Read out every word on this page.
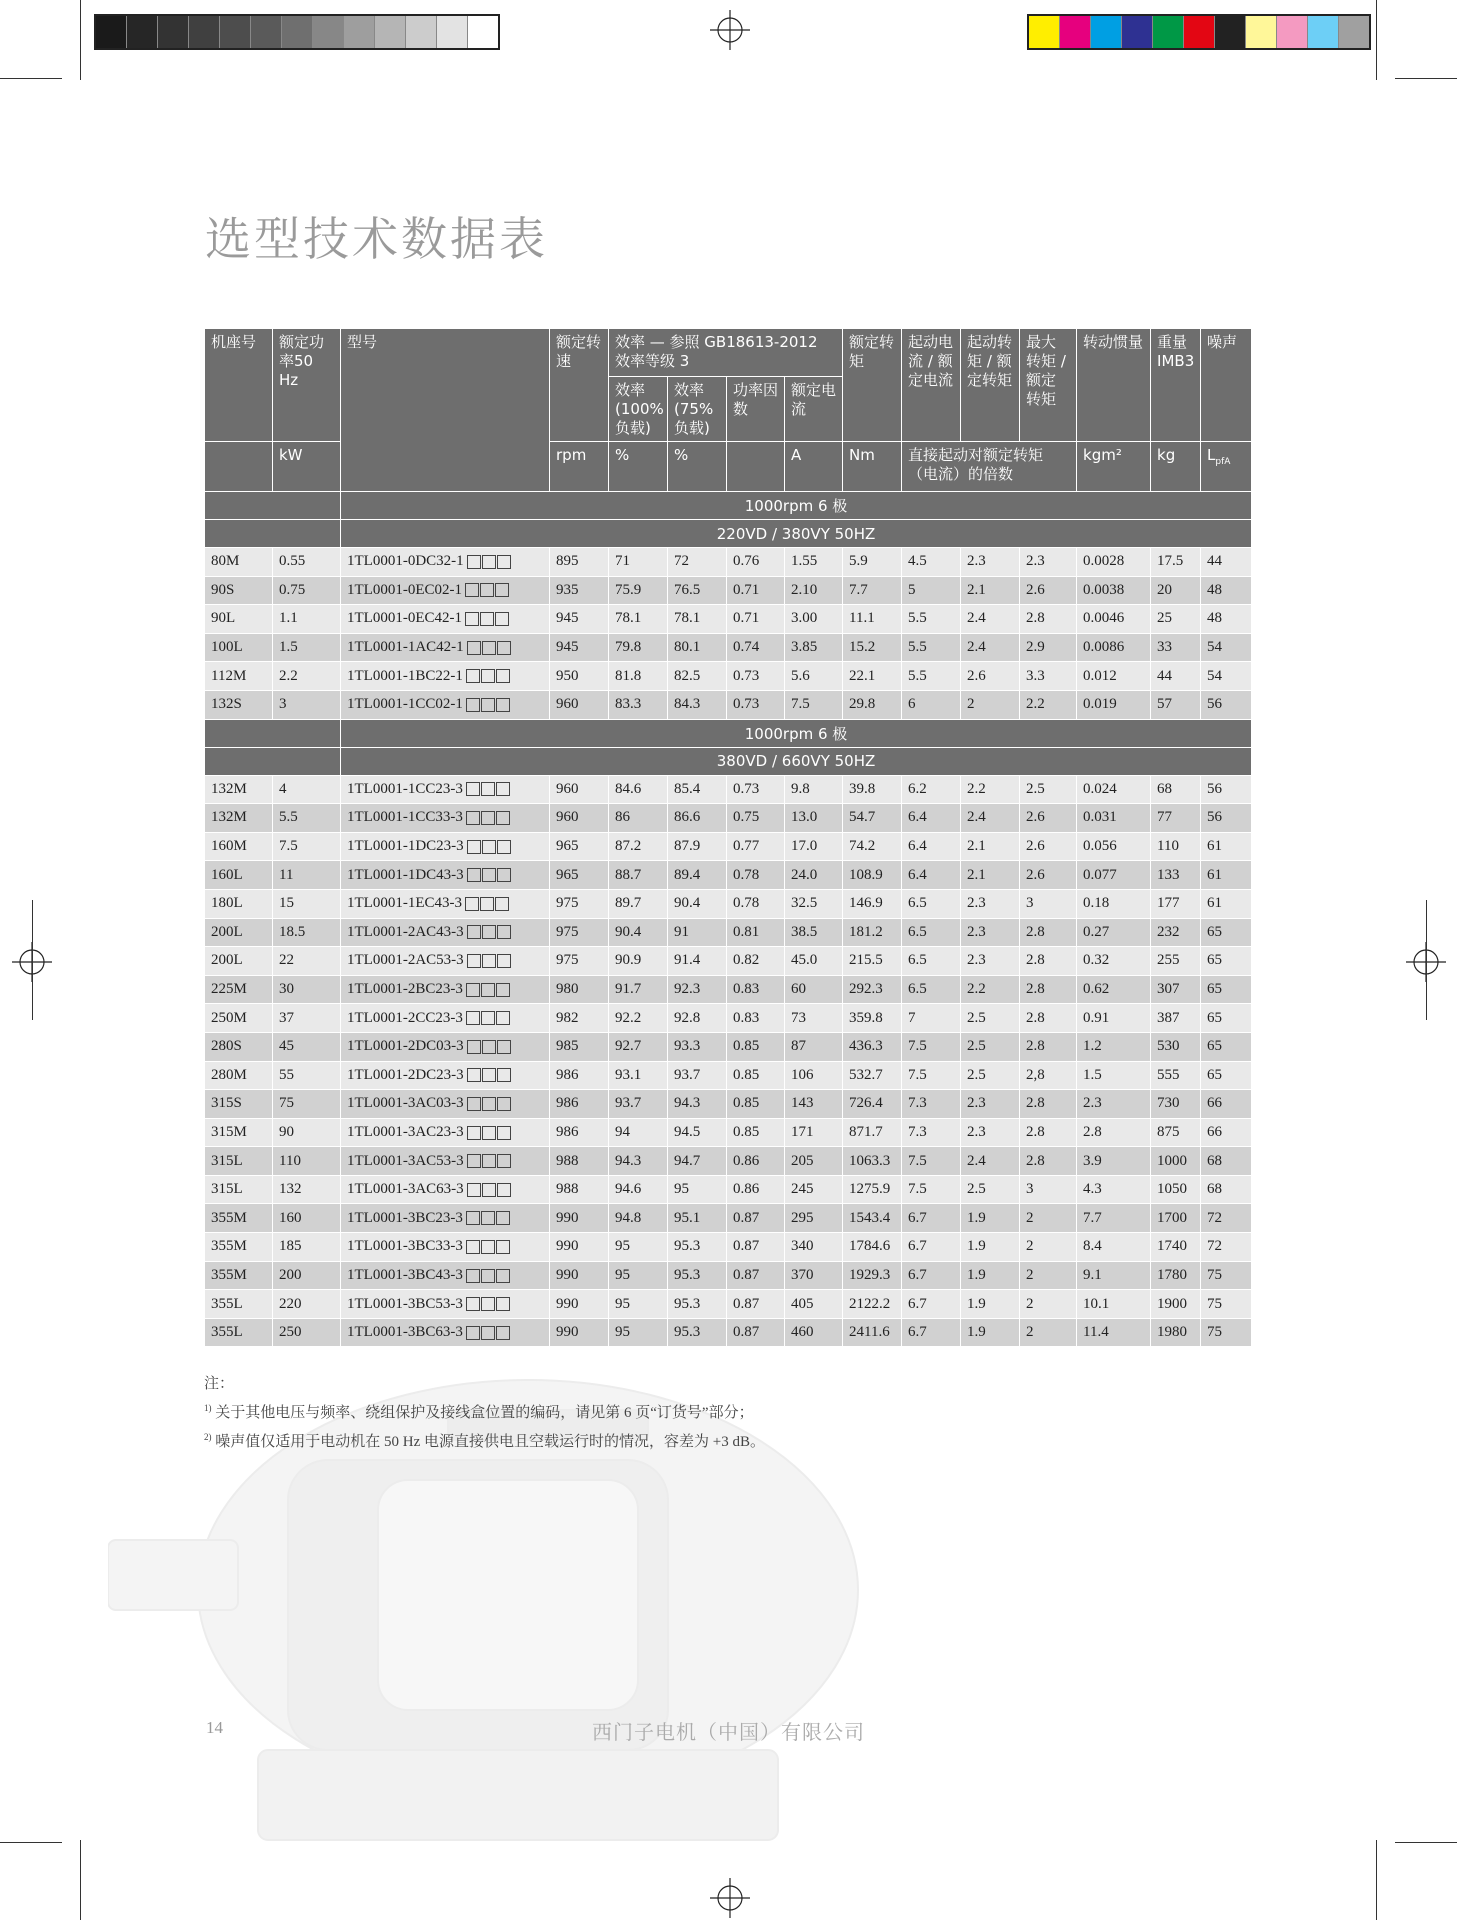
选型技术数据表
机座号	额定功率50 Hz	型号	额定转速	效率 — 参照 GB18613-2012 效率等级 3				额定转矩	起动电流 / 额定电流	起动转矩 / 额定转矩	最大转矩 / 额定转矩	转动惯量	重量IMB3	噪声
				效率(100%负载)	效率(75%负载)	功率因数	额定电流							
	kW		rpm	%	%		A	Nm	直接起动对额定转矩（电流）的倍数			kgm²	kg	$L_{pfA}$
		1000rpm 6 极												
		220VD / 380VY 50HZ												
80M	0.55	1TL0001-0DC32-1	895	71	72	0.76	1.55	5.9	4.5	2.3	2.3	0.0028	17.5	44
90S	0.75	1TL0001-0EC02-1	935	75.9	76.5	0.71	2.10	7.7	5	2.1	2.6	0.0038	20	48
90L	1.1	1TL0001-0EC42-1	945	78.1	78.1	0.71	3.00	11.1	5.5	2.4	2.8	0.0046	25	48
100L	1.5	1TL0001-1AC42-1	945	79.8	80.1	0.74	3.85	15.2	5.5	2.4	2.9	0.0086	33	54
112M	2.2	1TL0001-1BC22-1	950	81.8	82.5	0.73	5.6	22.1	5.5	2.6	3.3	0.012	44	54
132S	3	1TL0001-1CC02-1	960	83.3	84.3	0.73	7.5	29.8	6	2	2.2	0.019	57	56
		1000rpm 6 极												
		380VD / 660VY 50HZ												
132M	4	1TL0001-1CC23-3	960	84.6	85.4	0.73	9.8	39.8	6.2	2.2	2.5	0.024	68	56
132M	5.5	1TL0001-1CC33-3	960	86	86.6	0.75	13.0	54.7	6.4	2.4	2.6	0.031	77	56
160M	7.5	1TL0001-1DC23-3	965	87.2	87.9	0.77	17.0	74.2	6.4	2.1	2.6	0.056	110	61
160L	11	1TL0001-1DC43-3	965	88.7	89.4	0.78	24.0	108.9	6.4	2.1	2.6	0.077	133	61
180L	15	1TL0001-1EC43-3	975	89.7	90.4	0.78	32.5	146.9	6.5	2.3	3	0.18	177	61
200L	18.5	1TL0001-2AC43-3	975	90.4	91	0.81	38.5	181.2	6.5	2.3	2.8	0.27	232	65
200L	22	1TL0001-2AC53-3	975	90.9	91.4	0.82	45.0	215.5	6.5	2.3	2.8	0.32	255	65
225M	30	1TL0001-2BC23-3	980	91.7	92.3	0.83	60	292.3	6.5	2.2	2.8	0.62	307	65
250M	37	1TL0001-2CC23-3	982	92.2	92.8	0.83	73	359.8	7	2.5	2.8	0.91	387	65
280S	45	1TL0001-2DC03-3	985	92.7	93.3	0.85	87	436.3	7.5	2.5	2.8	1.2	530	65
280M	55	1TL0001-2DC23-3	986	93.1	93.7	0.85	106	532.7	7.5	2.5	2,8	1.5	555	65
315S	75	1TL0001-3AC03-3	986	93.7	94.3	0.85	143	726.4	7.3	2.3	2.8	2.3	730	66
315M	90	1TL0001-3AC23-3	986	94	94.5	0.85	171	871.7	7.3	2.3	2.8	2.8	875	66
315L	110	1TL0001-3AC53-3	988	94.3	94.7	0.86	205	1063.3	7.5	2.4	2.8	3.9	1000	68
315L	132	1TL0001-3AC63-3	988	94.6	95	0.86	245	1275.9	7.5	2.5	3	4.3	1050	68
355M	160	1TL0001-3BC23-3	990	94.8	95.1	0.87	295	1543.4	6.7	1.9	2	7.7	1700	72
355M	185	1TL0001-3BC33-3	990	95	95.3	0.87	340	1784.6	6.7	1.9	2	8.4	1740	72
355M	200	1TL0001-3BC43-3	990	95	95.3	0.87	370	1929.3	6.7	1.9	2	9.1	1780	75
355L	220	1TL0001-3BC53-3	990	95	95.3	0.87	405	2122.2	6.7	1.9	2	10.1	1900	75
355L	250	1TL0001-3BC63-3	990	95	95.3	0.87	460	2411.6	6.7	1.9	2	11.4	1980	75
注：
$^{1)}$ 关于其他电压与频率、绕组保护及接线盒位置的编码，请见第 6 页“订货号”部分；
$^{2)}$ 噪声值仅适用于电动机在 50 Hz 电源直接供电且空载运行时的情况，容差为 +3 dB。
14	西门子电机（中国）有限公司
